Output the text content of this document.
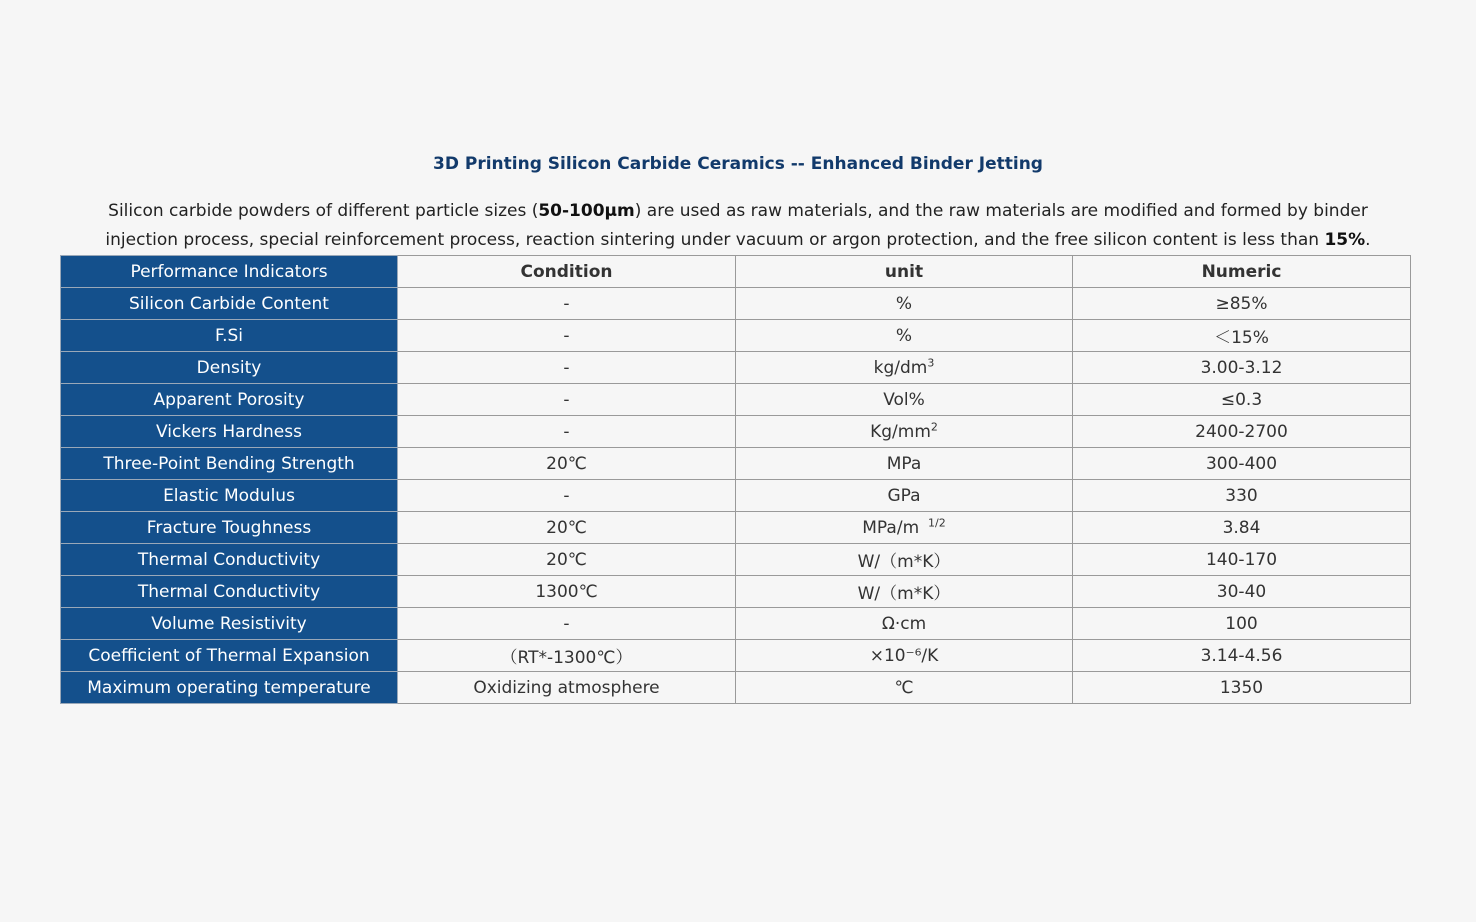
3D Printing Silicon Carbide Ceramics -- Enhanced Binder Jetting
Silicon carbide powders of different particle sizes (50-100μm) are used as raw materials, and the raw materials are modified and formed by binder injection process, special reinforcement process, reaction sintering under vacuum or argon protection, and the free silicon content is less than 15%.
Performance Indicators	Condition	unit	Numeric
Silicon Carbide Content	-	%	≥85%
F.Si	-	%	＜15%
Density	-	$kg/dm^3$	3.00-3.12
Apparent Porosity	-	Vol%	≤0.3
Vickers Hardness	-	$Kg/mm^2$	2400-2700
Three-Point Bending Strength	20℃	MPa	300-400
Elastic Modulus	-	GPa	330
Fracture Toughness	20℃	MPa/m  $^{1/2}$	3.84
Thermal Conductivity	20℃	W/（m*K）	140-170
Thermal Conductivity	1300℃	W/（m*K）	30-40
Volume Resistivity	-	Ω·cm	100
Coefficient of Thermal Expansion	（RT*-1300℃）	×10⁻⁶/K	3.14-4.56
Maximum operating temperature	Oxidizing atmosphere	℃	1350
